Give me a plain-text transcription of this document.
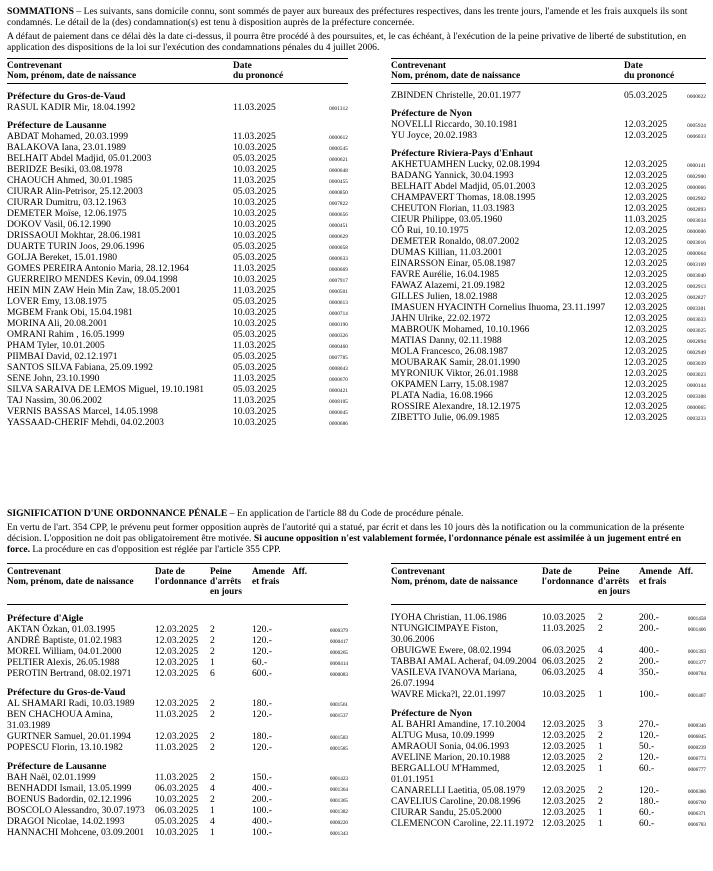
SOMMATIONS – Les suivants, sans domicile connu, sont sommés de payer aux bureaux des préfectures respectives, dans les trente jours, l'amende et les frais auxquels ils sont condamnés. Le détail de la (des) condamnation(s) est tenu à disposition auprès de la préfecture concernée.

A défaut de paiement dans ce délai dès la date ci-dessus, il pourra être procédé à des poursuites, et, le cas échéant, à l'exécution de la peine privative de liberté de substitution, en application des dispositions de la loi sur l'exécution des condamnations pénales du 4 juillet 2006.

Contrevenant
Nom, prénom, date de naissance
Date
du prononcé
Préfecture du Gros-de-Vaud
RASUL KADIR Mir, 18.04.1992	11.03.2025	0001312
Préfecture de Lausanne
ABDAT Mohamed, 20.03.1999	11.03.2025	0000612
BALAKOVA Iana, 23.01.1989	10.03.2025	0000545
BELHAIT Abdel Madjid, 05.01.2003	05.03.2025	0000621
BERIDZE Besiki, 03.08.1978	10.03.2025	0000648
CHAOUCH Ahmed, 30.01.1985	11.03.2025	0000455
CIURAR Alin-Petrisor, 25.12.2003	05.03.2025	0000850
CIURAR Dumitru, 03.12.1963	10.03.2025	0007822
DEMETER Moïse, 12.06.1975	10.03.2025	0000656
DOKOV Vasil, 06.12.1990	10.03.2025	0000451
DRISSAOUI Mokhtar, 28.06.1981	10.03.2025	0000629
DUARTE TURIN Joos, 29.06.1996	05.03.2025	0000058
GOLJA Bereket, 15.01.1980	05.03.2025	0000633
GOMES PEREIRA Antonio Maria, 28.12.1964	11.03.2025	0000669
GUERREIRO MENDES Kevin, 09.04.1998	10.03.2025	0007917
HEIN MIN ZAW Hein Min Zaw, 18.05.2001	11.03.2025	0000501
LOVER Emy, 13.08.1975	05.03.2025	0000613
MGBEM Frank Obi, 15.04.1981	10.03.2025	0000714
MORINA Ali, 20.08.2001	10.03.2025	0000190
OMRANI Rahim , 16.05.1999	05.03.2025	0000326
PHAM Tyler, 10.01.2005	11.03.2025	0000460
PIIMBAI David, 02.12.1971	05.03.2025	0007785
SANTOS SILVA Fabiana, 25.09.1992	05.03.2025	0008043
SENE John, 23.10.1990	11.03.2025	0000670
SILVA SARAIVA DE LEMOS Miguel, 19.10.1981	05.03.2025	0000421
TAJ Nassim, 30.06.2002	11.03.2025	0008105
VERNIS BASSAS Marcel, 14.05.1998	10.03.2025	0000045
YASSAAD-CHERIF Mehdi, 04.02.2003	10.03.2025	0000686
Contrevenant
Nom, prénom, date de naissance
Date
du prononcé
ZBINDEN Christelle, 20.01.1977	05.03.2025	0000022
Préfecture de Nyon
NOVELLI Riccardo, 30.10.1981	12.03.2025	0005924
YU Joyce, 20.02.1983	12.03.2025	0006033
Préfecture Riviera-Pays d'Enhaut
AKHETUAMHEN Lucky, 02.08.1994	12.03.2025	0000141
BADANG Yannick, 30.04.1993	12.03.2025	0002900
BELHAIT Abdel Madjid, 05.01.2003	12.03.2025	0000066
CHAMPAVERT Thomas, 18.08.1995	12.03.2025	0002902
CHEUTON Florian, 11.03.1983	12.03.2025	0002893
CIEUR Philippe, 03.05.1960	11.03.2025	0003034
CÔ Rui, 10.10.1975	12.03.2025	0000006
DEMETER Ronaldo, 08.07.2002	12.03.2025	0003016
DUMAS Killian, 11.03.2001	12.03.2025	0000064
EINARSSON Einar, 05.08.1987	12.03.2025	0003169
FAVRE Aurélie, 16.04.1985	12.03.2025	0003040
FAWAZ Alazemi, 21.09.1982	12.03.2025	0002913
GILLES Julien, 18.02.1988	12.03.2025	0002827
IMASUEN HYACINTH Cornelius Ihuoma, 23.11.1997 12.03.2025	0003301
JAHN Ulrike, 22.02.1972	12.03.2025	0003033
MABROUK Mohamed, 10.10.1966	12.03.2025	0003025
MATIAS Danny, 02.11.1988	12.03.2025	0002894
MOLA Francesco, 26.08.1987	12.03.2025	0002949
MOUBARAK Samir, 28.01.1990	12.03.2025	0003039
MYRONIUK Viktor, 26.01.1988	12.03.2025	0003023
OKPAMEN Larry, 15.08.1987	12.03.2025	0000144
PLATA Nadia, 16.08.1966	12.03.2025	0003308
ROSSIRE Alexandre, 18.12.1975	12.03.2025	0000065
ZIBETTO Julie, 06.09.1985	12.03.2025	0003233

SIGNIFICATION D'UNE ORDONNANCE PÉNALE – En application de l'article 88 du Code de procédure pénale.

En vertu de l'art. 354 CPP, le prévenu peut former opposition auprès de l'autorité qui a statué, par écrit et dans les 10 jours dès la notification ou la communication de la présente décision. L'opposition ne doit pas obligatoirement être motivée. Si aucune opposition n'est valablement formée, l'ordonnance pénale est assimilée à un jugement entré en force. La procédure en cas d'opposition est réglée par l'article 355 CPP.

Contrevenant
Nom, prénom, date de naissance
Date de
l'ordonnance
Peine
d'arrêts
en jours
Amende
et frais
Aff.
Préfecture d'Aigle
AKTAN Özkan, 01.03.1995	12.03.2025 2	120.-	0000379
ANDRÉ Baptiste, 01.02.1983	12.03.2025 2	120.-	0000417
MOREL William, 04.01.2000	12.03.2025 2	120.-	0000265
PELTIER Alexis, 26.05.1988	12.03.2025 1	60.-	0000414
PEROTIN Bertrand, 08.02.1971	12.03.2025 6	600.-	0000083
Préfecture du Gros-de-Vaud
AL SHAMARI Radi, 10.03.1989	12.03.2025 2	180.-	0001561
BEN CHACHOUA Amina, 31.03.1989
11.03.2025 2	120.-	0001537
GURTNER Samuel, 20.01.1994	12.03.2025 2	180.-	0001583
POPESCU Florin, 13.10.1982	11.03.2025 2	120.-	0001585
Préfecture de Lausanne
BAH Naël, 02.01.1999	11.03.2025 2	150.-	0001423
BENHADDI Ismail, 13.05.1999	06.03.2025 4	400.-	0001364
BOENUS Badordin, 02.12.1996	10.03.2025 2	200.-	0001365
BOSCOLO Alessandro, 30.07.1973	06.03.2025 1	100.-	0001382
DRAGOI Nicolae, 14.02.1993	05.03.2025 4	400.-	0000220
HANNACHI Mohcene, 03.09.2001	10.03.2025 1	100.-	0001343
Contrevenant
Nom, prénom, date de naissance
Date de
l'ordonnance
Peine
d'arrêts
en jours
Amende
et frais
Aff.
IYOHA Christian, 11.06.1986	10.03.2025 2	200.-	0001458
NTUNGICIMPAYE Fiston, 30.06.2006
11.03.2025 2	200.-	0001406
OBUIGWE Ewere, 08.02.1994	06.03.2025 4	400.-	0001393
TABBAI AMAL Acheraf, 04.09.2004 06.03.2025 2	200.-	0001377
VASILEVA IVANOVA Mariana, 26.07.1994
06.03.2025 4	350.-	0000784
WAVRE Micka?l, 22.01.1997	10.03.2025 1	100.-	0001467
Préfecture de Nyon
AL BAHRI Amandine, 17.10.2004	12.03.2025 3	270.-	0000346
ALTUG Musa, 10.09.1999	12.03.2025 2	120.-	0006845
AMRAOUI Sonia, 04.06.1993	12.03.2025 1	50.-	0000239
AVELINE Marion, 20.10.1988	12.03.2025 2	120.-	0006773
BERGALLOU M'Hammed, 01.01.1951
12.03.2025 1	60.-	0006777
CANARELLI Laetitia, 05.08.1979	12.03.2025 2	120.-	0006386
CAVELIUS Caroline, 20.08.1996	12.03.2025 2	180.-	0006760
CIURAR Sandu, 25.05.2000	12.03.2025 1	60.-	0006371
CLEMENCON Caroline, 22.11.1972 12.03.2025 1	60.-	0006783
